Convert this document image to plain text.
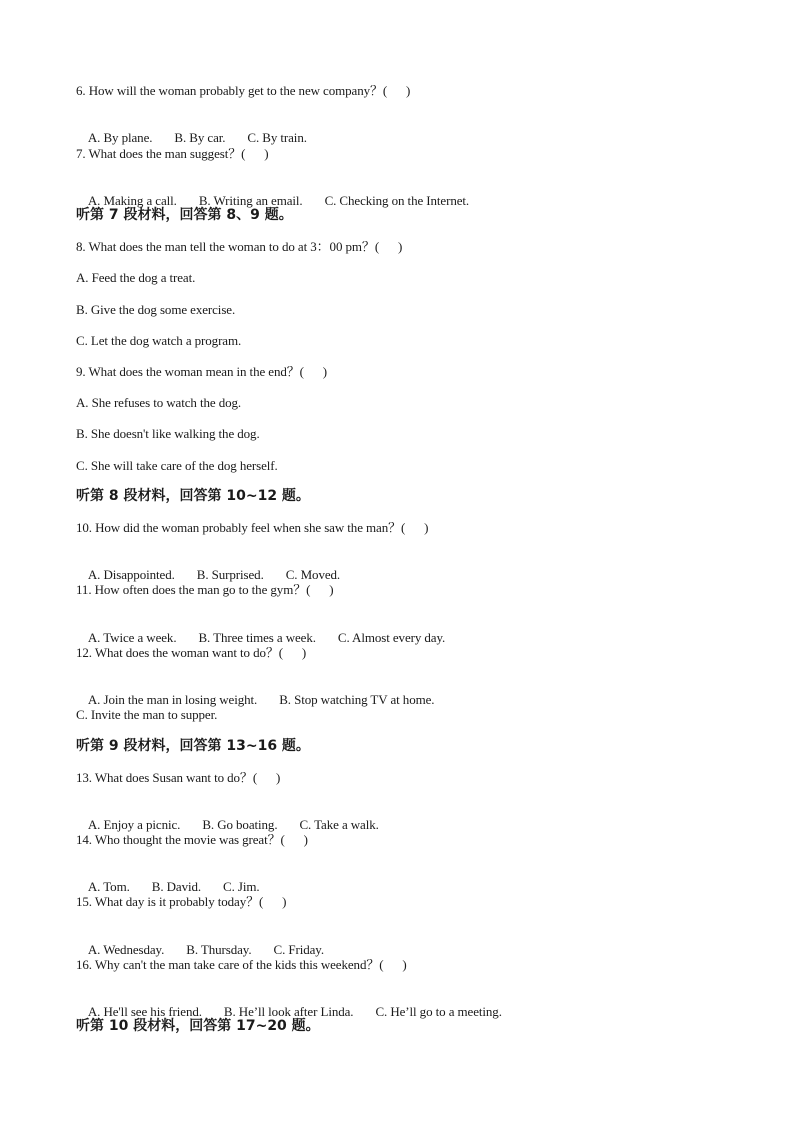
6. How will the woman probably get to the new company？(      )

A. By plane. B. By car. C. By train.

7. What does the man suggest？(      )

A. Making a call. B. Writing an email. C. Checking on the Internet.

听第 7 段材料，回答第 8、9 题。
8. What does the man tell the woman to do at 3：00 pm？(      )
A. Feed the dog a treat.
B. Give the dog some exercise.
C. Let the dog watch a program.
9. What does the woman mean in the end？(      )
A. She refuses to watch the dog.
B. She doesn't like walking the dog.
C. She will take care of the dog herself.
听第 8 段材料，回答第 10~12 题。
10. How did the woman probably feel when she saw the man？(      )

A. Disappointed. B. Surprised. C. Moved.

11. How often does the man go to the gym？(      )

A. Twice a week. B. Three times a week. C. Almost every day.

12. What does the woman want to do？(      )

A. Join the man in losing weight. B. Stop watching TV at home.

C. Invite the man to supper.
听第 9 段材料，回答第 13~16 题。
13. What does Susan want to do？(      )

A. Enjoy a picnic. B. Go boating. C. Take a walk.

14. Who thought the movie was great？(      )

A. Tom. B. David. C. Jim.

15. What day is it probably today？(      )

A. Wednesday. B. Thursday. C. Friday.

16. Why can't the man take care of the kids this weekend？(      )

A. He'll see his friend. B. He’ll look after Linda. C. He’ll go to a meeting.

听第 10 段材料，回答第 17~20 题。
